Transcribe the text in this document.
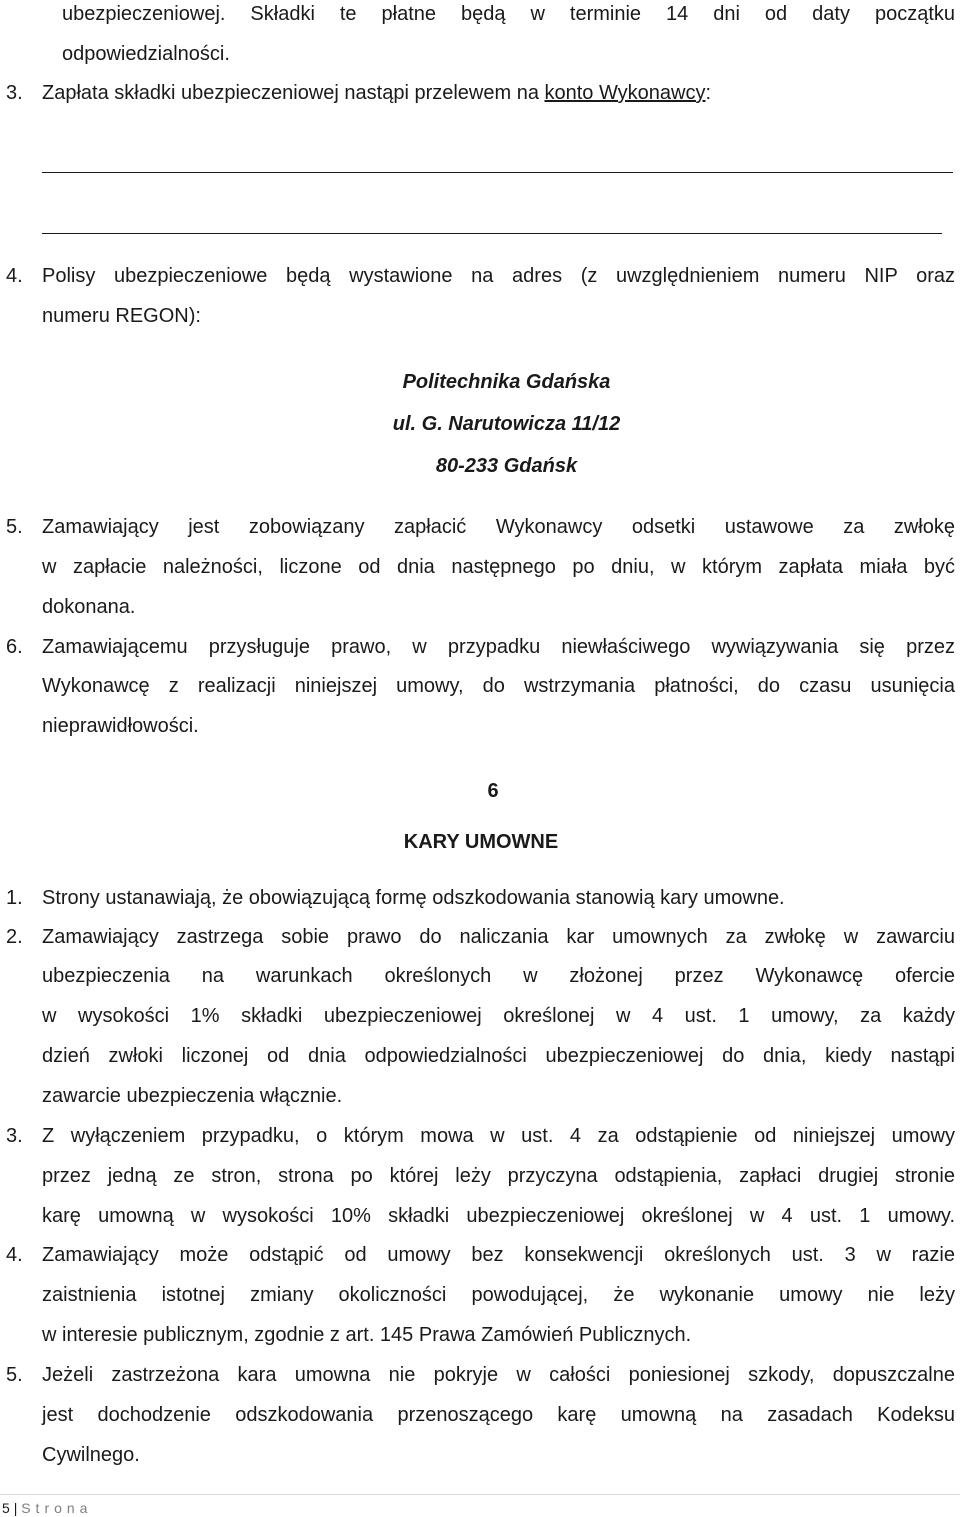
ubezpieczeniowej. Składki te płatne będą w terminie 14 dni od daty początku
odpowiedzialności.
3. Zapłata składki ubezpieczeniowej nastąpi przelewem na konto Wykonawcy:
4. Polisy ubezpieczeniowe będą wystawione na adres (z uwzględnieniem numeru NIP oraz
numeru REGON):
Politechnika Gdańska
ul. G. Narutowicza 11/12
80-233 Gdańsk
5. Zamawiający jest zobowiązany zapłacić Wykonawcy odsetki ustawowe za zwłokę
w zapłacie należności, liczone od dnia następnego po dniu, w którym zapłata miała być
dokonana.
6. Zamawiającemu przysługuje prawo, w przypadku niewłaściwego wywiązywania się przez
Wykonawcę z realizacji niniejszej umowy, do wstrzymania płatności, do czasu usunięcia
nieprawidłowości.
6
KARY UMOWNE
1. Strony ustanawiają, że obowiązującą formę odszkodowania stanowią kary umowne.
2. Zamawiający zastrzega sobie prawo do naliczania kar umownych za zwłokę w zawarciu
ubezpieczenia na warunkach określonych w złożonej przez Wykonawcę ofercie
w wysokości 1% składki ubezpieczeniowej określonej w 4 ust. 1 umowy, za każdy
dzień zwłoki liczonej od dnia odpowiedzialności ubezpieczeniowej do dnia, kiedy nastąpi
zawarcie ubezpieczenia włącznie.
3. Z wyłączeniem przypadku, o którym mowa w ust. 4 za odstąpienie od niniejszej umowy
przez jedną ze stron, strona po której leży przyczyna odstąpienia, zapłaci drugiej stronie
karę umowną w wysokości 10% składki ubezpieczeniowej określonej w 4 ust. 1 umowy.
4. Zamawiający może odstąpić od umowy bez konsekwencji określonych ust. 3 w razie
zaistnienia istotnej zmiany okoliczności powodującej, że wykonanie umowy nie leży
w interesie publicznym, zgodnie z art. 145 Prawa Zamówień Publicznych.
5. Jeżeli zastrzeżona kara umowna nie pokryje w całości poniesionej szkody, dopuszczalne
jest dochodzenie odszkodowania przenoszącego karę umowną na zasadach Kodeksu
Cywilnego.
5 | Strona
